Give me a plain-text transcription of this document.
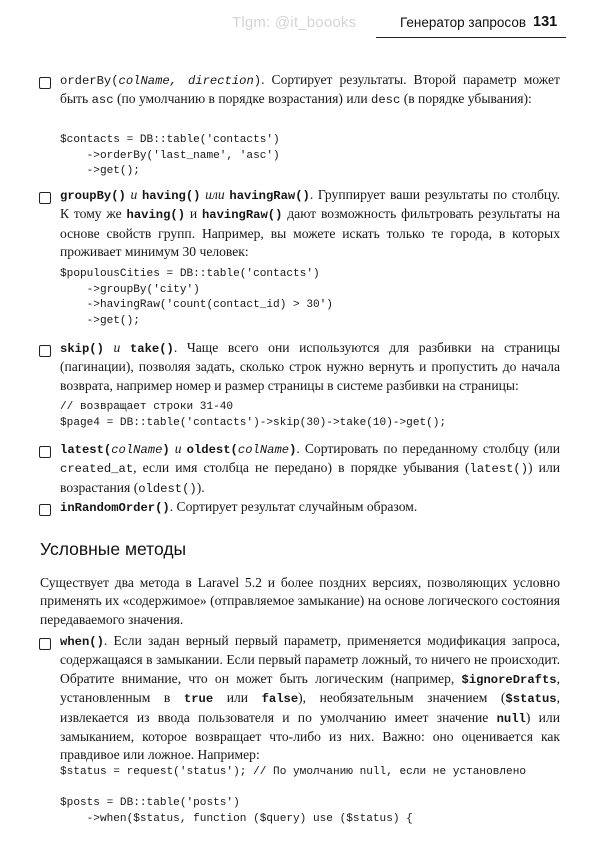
Tlgm: @it_boooks	Генератор запросов 131
orderBy(colName, direction). Сортирует результаты. Второй параметр может быть asc (по умолчанию в порядке возрастания) или desc (в порядке убывания):
$contacts = DB::table('contacts')
->orderBy('last_name', 'asc')
->get();
groupBy() и having() или havingRaw(). Группирует ваши результаты по столбцу. К тому же having() и havingRaw() дают возможность фильтровать результаты на основе свойств групп. Например, вы можете искать только те города, в которых проживает минимум 30 человек:
$populousCities = DB::table('contacts')
->groupBy('city')
->havingRaw('count(contact_id) > 30')
->get();
skip() и take(). Чаще всего они используются для разбивки на страницы (пагинации), позволяя задать, сколько строк нужно вернуть и пропустить до начала возврата, например номер и размер страницы в системе разбивки на страницы:
// возвращает строки 31-40
$page4 = DB::table('contacts')->skip(30)->take(10)->get();
latest(colName) и oldest(colName). Сортировать по переданному столбцу (или created_at, если имя столбца не передано) в порядке убывания (latest()) или возрастания (oldest()).
inRandomOrder(). Сортирует результат случайным образом.
Условные методы
Существует два метода в Laravel 5.2 и более поздних версиях, позволяющих условно применять их «содержимое» (отправляемое замыкание) на основе логического состояния передаваемого значения.
when(). Если задан верный первый параметр, применяется модификация запроса, содержащаяся в замыкании. Если первый параметр ложный, то ничего не происходит. Обратите внимание, что он может быть логическим (например, $ignoreDrafts, установленным в true или false), необязательным значением ($status, извлекается из ввода пользователя и по умолчанию имеет значение null) или замыканием, которое возвращает что-либо из них. Важно: оно оценивается как правдивое или ложное. Например:
$status = request('status'); // По умолчанию null, если не установлено

$posts = DB::table('posts')
->when($status, function ($query) use ($status) {
